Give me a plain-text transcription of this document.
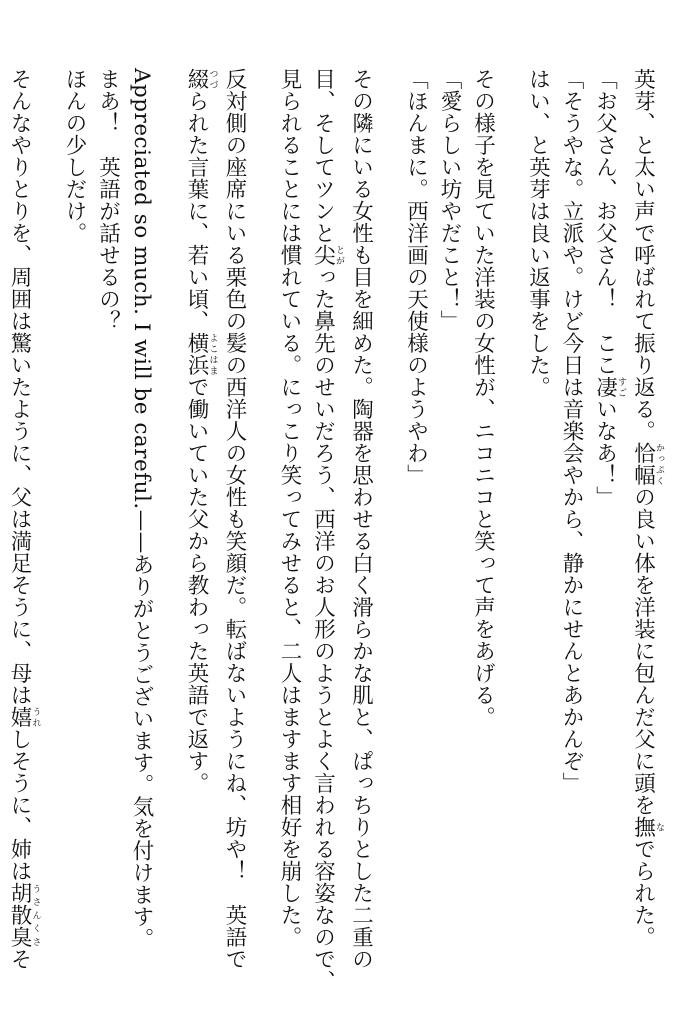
英芽、と太い声で呼ばれて振り返る。恰幅かっぷくの良い体を洋装に包んだ父に頭を撫なでられた。
「お父さん、お父さん！　ここ凄すごいなあ！」
「そうやな。立派や。けど今日は音楽会やから、静かにせんとあかんぞ」
はい、と英芽は良い返事をした。
その様子を見ていた洋装の女性が、ニコニコと笑って声をあげる。
「愛らしい坊やだこと！」
「ほんまに。西洋画の天使様のようやわ」
その隣にいる女性も目を細めた。陶器を思わせる白く滑らかな肌と、ぱっちりとした二重の
目、そしてツンと尖とがった鼻先のせいだろう、西洋のお人形のようとよく言われる容姿なので、
見られることには慣れている。にっこり笑ってみせると、二人はますます相好を崩した。
反対側の座席にいる栗色の髪の西洋人の女性も笑顔だ。転ばないようにね、坊や！　英語で
綴つづられた言葉に、若い頃、横浜よこはまで働いていた父から教わった英語で返す。
Appreciated so much. I will be careful.——ありがとうございます。気を付けます。
まあ！　英語が話せるの？
ほんの少しだけ。
そんなやりとりを、周囲は驚いたように、父は満足そうに、母は嬉うれしそうに、姉は胡散臭うさんくさそ
